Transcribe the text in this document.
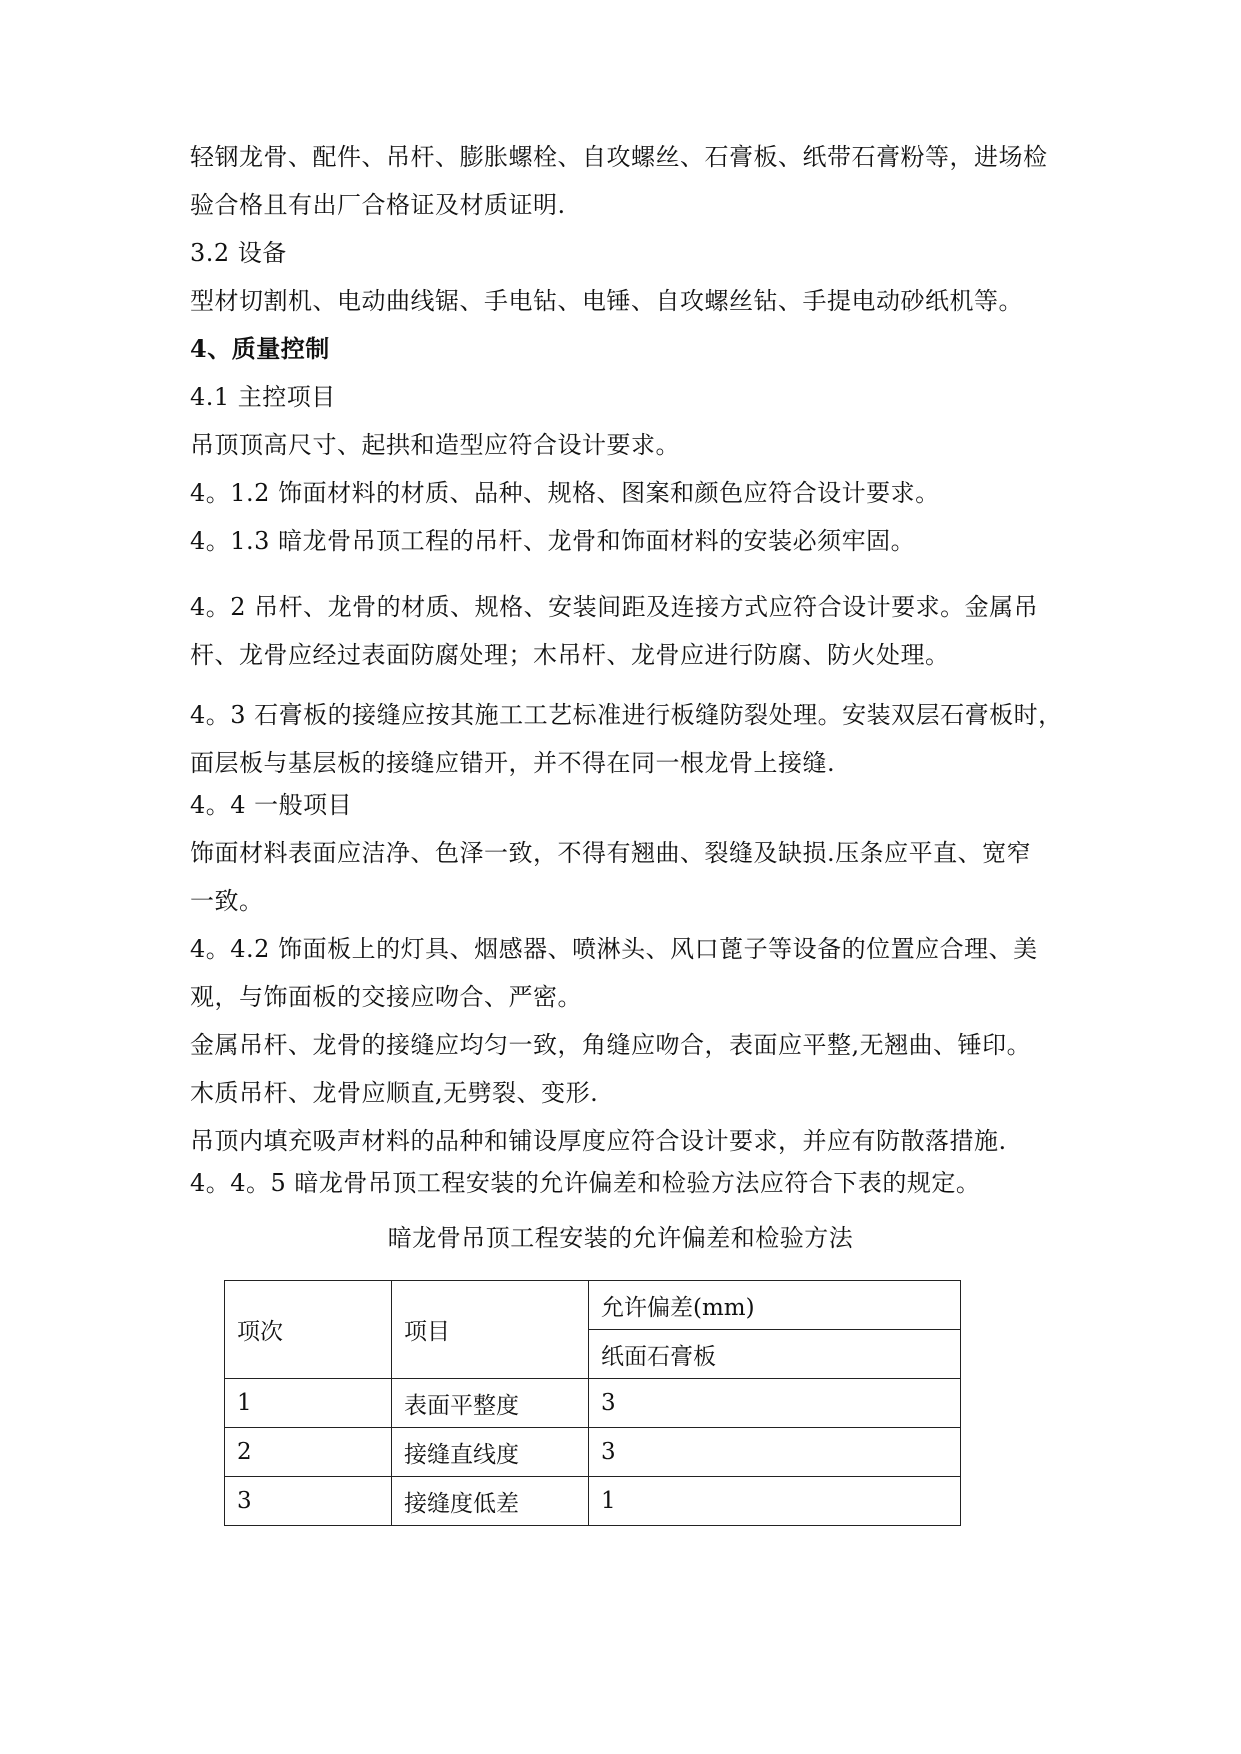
轻钢龙骨、配件、吊杆、膨胀螺栓、自攻螺丝、石膏板、纸带石膏粉等，进场检
验合格且有出厂合格证及材质证明.
3.2 设备
型材切割机、电动曲线锯、手电钻、电锤、自攻螺丝钻、手提电动砂纸机等。
4、质量控制
4.1 主控项目
吊顶顶高尺寸、起拱和造型应符合设计要求。
4。1.2 饰面材料的材质、品种、规格、图案和颜色应符合设计要求。
4。1.3 暗龙骨吊顶工程的吊杆、龙骨和饰面材料的安装必须牢固。
4。2 吊杆、龙骨的材质、规格、安装间距及连接方式应符合设计要求。金属吊
杆、龙骨应经过表面防腐处理；木吊杆、龙骨应进行防腐、防火处理。
4。3 石膏板的接缝应按其施工工艺标准进行板缝防裂处理。安装双层石膏板时，
面层板与基层板的接缝应错开，并不得在同一根龙骨上接缝.
4。4 一般项目
饰面材料表面应洁净、色泽一致，不得有翘曲、裂缝及缺损.压条应平直、宽窄
一致。
4。4.2 饰面板上的灯具、烟感器、喷淋头、风口蓖子等设备的位置应合理、美
观，与饰面板的交接应吻合、严密。
金属吊杆、龙骨的接缝应均匀一致，角缝应吻合，表面应平整,无翘曲、锤印。
木质吊杆、龙骨应顺直,无劈裂、变形.
吊顶内填充吸声材料的品种和铺设厚度应符合设计要求，并应有防散落措施.
4。4。5 暗龙骨吊顶工程安装的允许偏差和检验方法应符合下表的规定。
暗龙骨吊顶工程安装的允许偏差和检验方法
项次	项目	允许偏差(mm)
		纸面石膏板
1	表面平整度	3
2	接缝直线度	3
3	接缝度低差	1
